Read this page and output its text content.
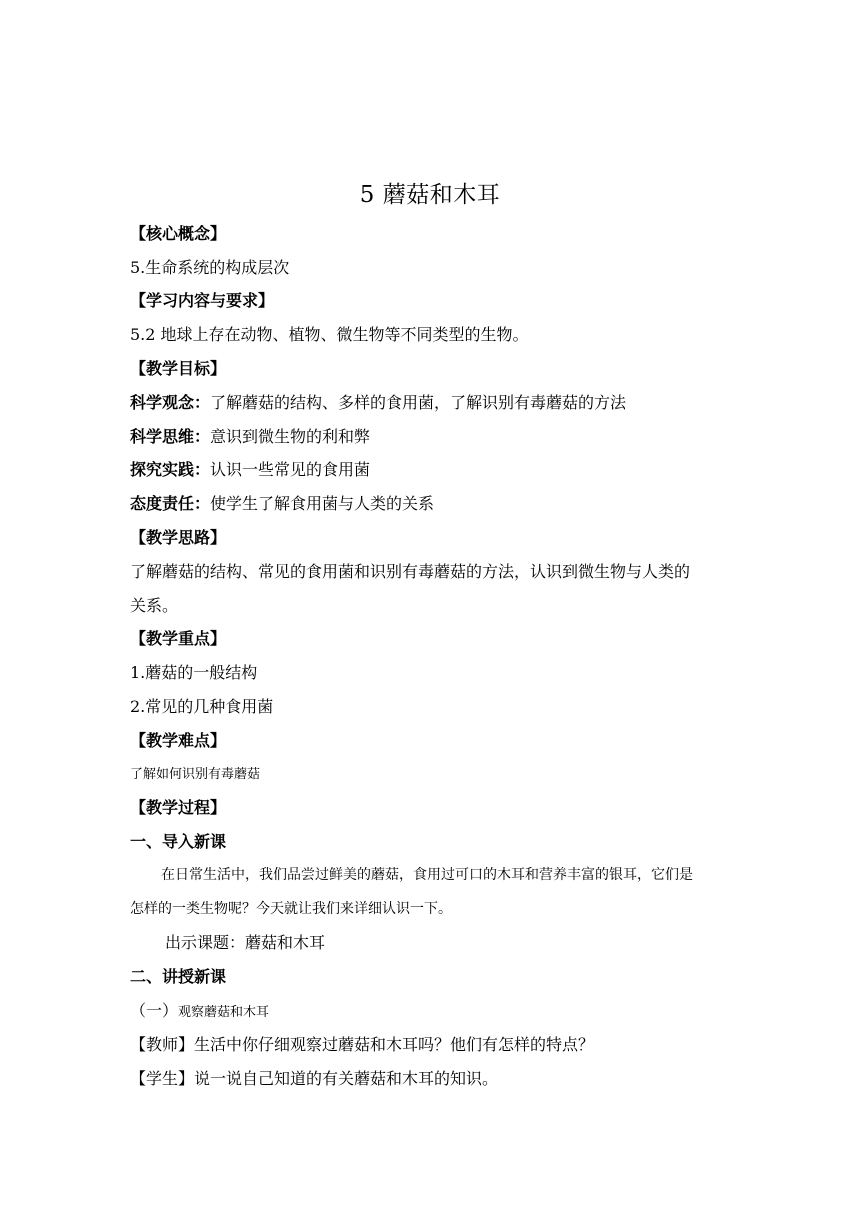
5 蘑菇和木耳
【核心概念】
5.生命系统的构成层次
【学习内容与要求】
5.2 地球上存在动物、植物、微生物等不同类型的生物。
【教学目标】
科学观念：了解蘑菇的结构、多样的食用菌，了解识别有毒蘑菇的方法
科学思维：意识到微生物的利和弊
探究实践：认识一些常见的食用菌
态度责任：使学生了解食用菌与人类的关系
【教学思路】
了解蘑菇的结构、常见的食用菌和识别有毒蘑菇的方法，认识到微生物与人类的
关系。
【教学重点】
1.蘑菇的一般结构
2.常见的几种食用菌
【教学难点】
了解如何识别有毒蘑菇
【教学过程】
一、导入新课
在日常生活中，我们品尝过鲜美的蘑菇，食用过可口的木耳和营养丰富的银耳，它们是
怎样的一类生物呢？今天就让我们来详细认识一下。
出示课题：蘑菇和木耳
二、讲授新课
（一）观察蘑菇和木耳
【教师】生活中你仔细观察过蘑菇和木耳吗？他们有怎样的特点？
【学生】说一说自己知道的有关蘑菇和木耳的知识。
